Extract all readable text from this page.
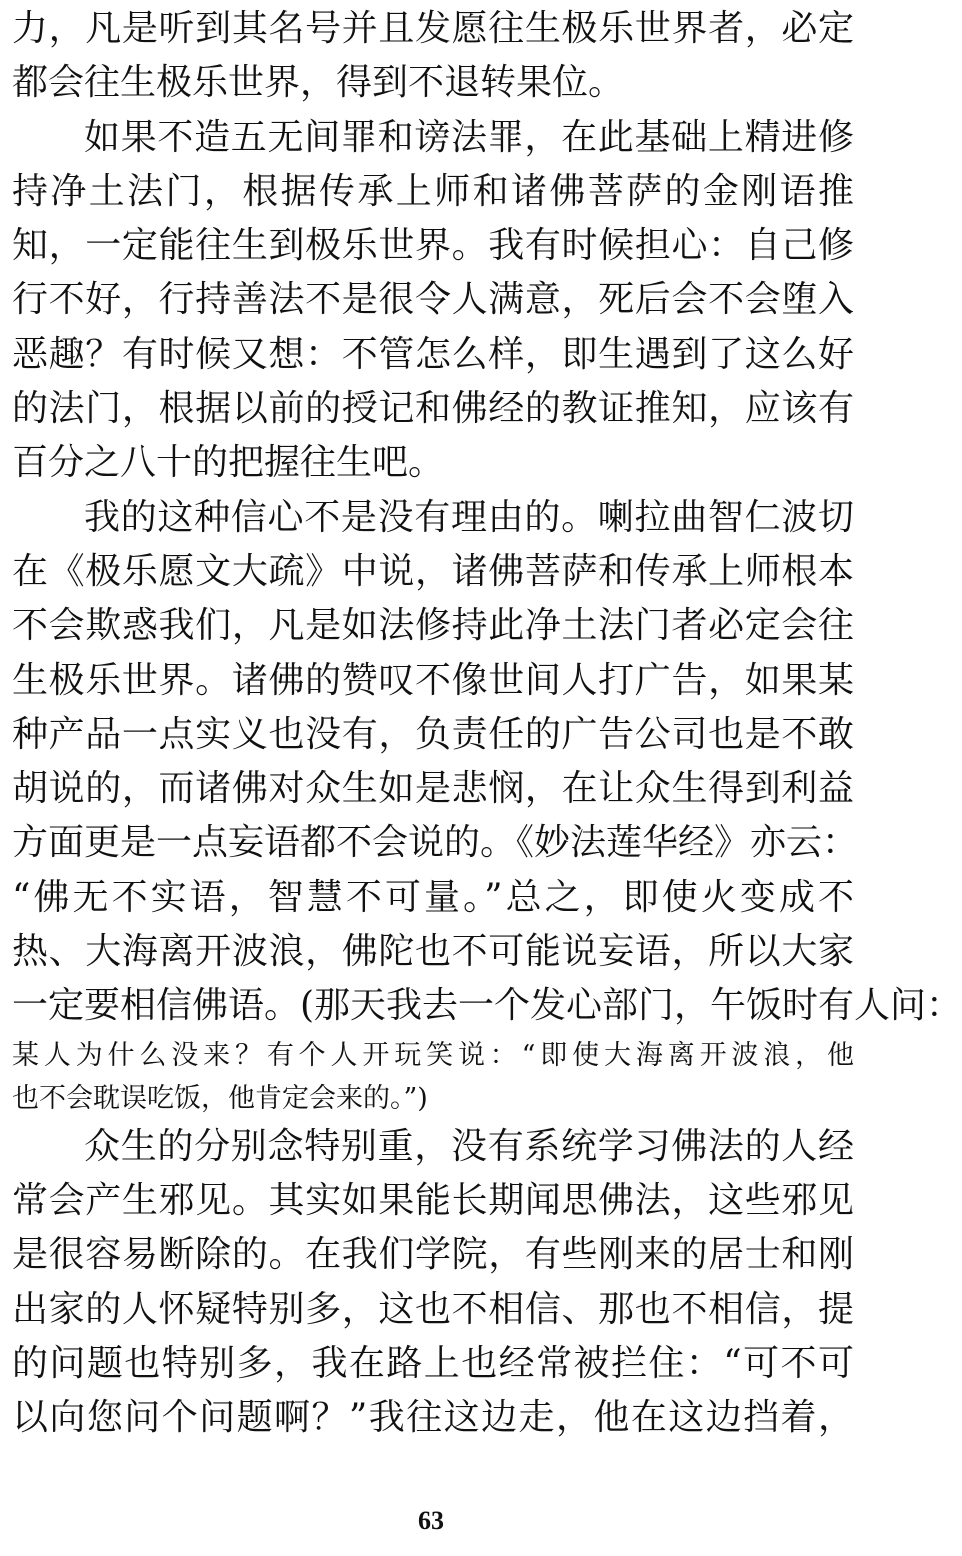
力，凡是听到其名号并且发愿往生极乐世界者，必定
都会往生极乐世界，得到不退转果位。
如果不造五无间罪和谤法罪，在此基础上精进修
持净土法门，根据传承上师和诸佛菩萨的金刚语推
知，一定能往生到极乐世界。我有时候担心：自己修
行不好，行持善法不是很令人满意，死后会不会堕入
恶趣？有时候又想：不管怎么样，即生遇到了这么好
的法门，根据以前的授记和佛经的教证推知，应该有
百分之八十的把握往生吧。
我的这种信心不是没有理由的。喇拉曲智仁波切
在《极乐愿文大疏》中说，诸佛菩萨和传承上师根本
不会欺惑我们，凡是如法修持此净土法门者必定会往
生极乐世界。诸佛的赞叹不像世间人打广告，如果某
种产品一点实义也没有，负责任的广告公司也是不敢
胡说的，而诸佛对众生如是悲悯，在让众生得到利益
方面更是一点妄语都不会说的。《妙法莲华经》亦云：
“佛无不实语，智慧不可量。”总之，即使火变成不
热、大海离开波浪，佛陀也不可能说妄语，所以大家
一定要相信佛语。(那天我去一个发心部门，午饭时有人问：
某人为什么没来？有个人开玩笑说：“即使大海离开波浪，他
也不会耽误吃饭，他肯定会来的。”)
众生的分别念特别重，没有系统学习佛法的人经
常会产生邪见。其实如果能长期闻思佛法，这些邪见
是很容易断除的。在我们学院，有些刚来的居士和刚
出家的人怀疑特别多，这也不相信、那也不相信，提
的问题也特别多，我在路上也经常被拦住：“可不可
以向您问个问题啊？”我往这边走，他在这边挡着，
63
